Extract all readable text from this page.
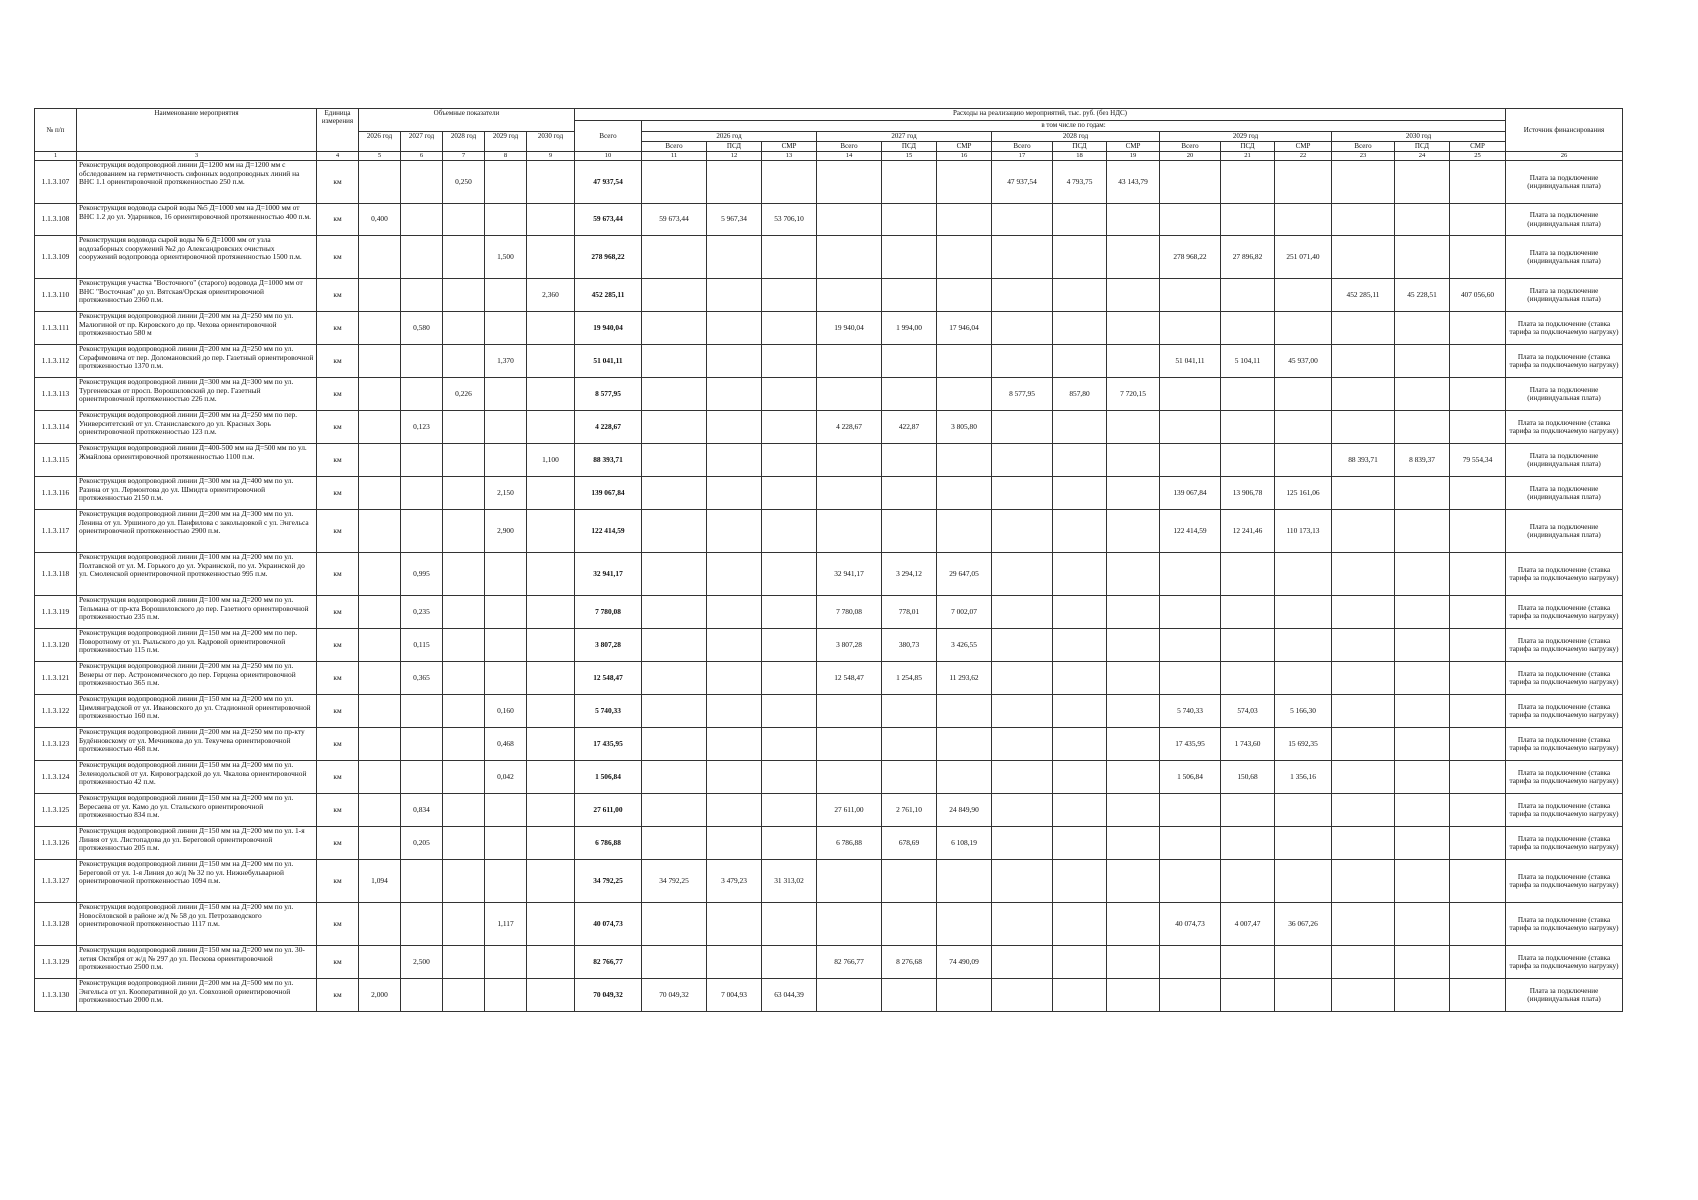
№ п/п	Наименование мероприятия	Единица измерения	Объемные показатели					Расходы на реализацию мероприятий, тыс. руб. (без НДС)																Источник финансирования
								Всего	в том числе по годам:															
			2026 год	2027 год	2028 год	2029 год	2030 год		2026 год			2027 год			2028 год			2029 год			2030 год			
									Всего	ПСД	СМР	Всего	ПСД	СМР	Всего	ПСД	СМР	Всего	ПСД	СМР	Всего	ПСД	СМР	
1	3	4	5	6	7	8	9	10	11	12	13	14	15	16	17	18	19	20	21	22	23	24	25	26
1.1.3.107	Реконструкция водопроводной линии Д=1200 мм на Д=1200 мм с обследованием на герметичность сифонных водопроводных линий на ВНС 1.1 ориентировочной протяженностью 250 п.м.	км			0,250			47 937,54							47 937,54	4 793,75	43 143,79							Плата за подключение (индивидуальная плата)
1.1.3.108	Реконструкция водовода сырой воды №5 Д=1000 мм на Д=1000 мм от ВНС 1.2 до ул. Ударников, 16 ориентировочной протяженностью 400 п.м.	км	0,400					59 673,44	59 673,44	5 967,34	53 706,10													Плата за подключение (индивидуальная плата)
1.1.3.109	Реконструкция водовода сырой воды № 6 Д=1000 мм от узла водозаборных сооружений №2 до Александровских очистных сооружений водопровода ориентировочной протяженностью 1500 п.м.	км				1,500		278 968,22										278 968,22	27 896,82	251 071,40				Плата за подключение (индивидуальная плата)
1.1.3.110	Реконструкция участка "Восточного" (старого) водовода Д=1000 мм от ВНС "Восточная" до ул. Вятская/Орская ориентировочной протяженностью 2360 п.м.	км					2,360	452 285,11													452 285,11	45 228,51	407 056,60	Плата за подключение (индивидуальная плата)
1.1.3.111	Реконструкция водопроводной линии Д=200 мм на Д=250 мм по ул. Малюгиной от пр. Кировского до пр. Чехова ориентировочной протяженностью 580 м	км		0,580				19 940,04				19 940,04	1 994,00	17 946,04										Плата за подключение (ставка тарифа за подключаемую нагрузку)
1.1.3.112	Реконструкция водопроводной линии Д=200 мм на Д=250 мм по ул. Серафимовича от пер. Доломановский до пер. Газетный ориентировочной протяженностью 1370 п.м.	км				1,370		51 041,11										51 041,11	5 104,11	45 937,00				Плата за подключение (ставка тарифа за подключаемую нагрузку)
1.1.3.113	Реконструкция водопроводной линии Д=300 мм на Д=300 мм по ул. Тургеневская от просп. Ворошиловский до пер. Газетный ориентировочной протяженностью 226 п.м.	км			0,226			8 577,95							8 577,95	857,80	7 720,15							Плата за подключение (индивидуальная плата)
1.1.3.114	Реконструкция водопроводной линии Д=200 мм на Д=250 мм по пер. Университетский от ул. Станиславского до ул. Красных Зорь ориентировочной протяженностью 123 п.м.	км		0,123				4 228,67				4 228,67	422,87	3 805,80										Плата за подключение (ставка тарифа за подключаемую нагрузку)
1.1.3.115	Реконструкция водопроводной линии Д=400-500 мм на Д=500 мм по ул. Жмайлова ориентировочной протяженностью 1100 п.м.	км					1,100	88 393,71													88 393,71	8 839,37	79 554,34	Плата за подключение (индивидуальная плата)
1.1.3.116	Реконструкция водопроводной линии Д=300 мм на Д=400 мм по ул. Разина от ул. Лермонтова до ул. Шмидта ориентировочной протяженностью 2150 п.м.	км				2,150		139 067,84										139 067,84	13 906,78	125 161,06				Плата за подключение (индивидуальная плата)
1.1.3.117	Реконструкция водопроводной линии Д=200 мм на Д=300 мм по ул. Ленина от ул. Уршиного до ул. Панфилова с закольцовкой с ул. Энгельса ориентировочной протяженностью 2900 п.м.	км				2,900		122 414,59										122 414,59	12 241,46	110 173,13				Плата за подключение (индивидуальная плата)
1.1.3.118	Реконструкция водопроводной линии Д=100 мм на Д=200 мм по ул. Полтавской от ул. М. Горького до ул. Украинской, по ул. Украинской до ул. Смоленской ориентировочной протяженностью 995 п.м.	км		0,995				32 941,17				32 941,17	3 294,12	29 647,05										Плата за подключение (ставка тарифа за подключаемую нагрузку)
1.1.3.119	Реконструкция водопроводной линии Д=100 мм на Д=200 мм по ул. Тельмана от пр-кта Ворошиловского до пер. Газетного ориентировочной протяженностью 235 п.м.	км		0,235				7 780,08				7 780,08	778,01	7 002,07										Плата за подключение (ставка тарифа за подключаемую нагрузку)
1.1.3.120	Реконструкция водопроводной линии Д=150 мм на Д=200 мм по пер. Поворотному от ул. Рыльского до ул. Кадровой ориентировочной протяженностью 115 п.м.	км		0,115				3 807,28				3 807,28	380,73	3 426,55										Плата за подключение (ставка тарифа за подключаемую нагрузку)
1.1.3.121	Реконструкция водопроводной линии Д=200 мм на Д=250 мм по ул. Венеры от пер. Астрономического до пер. Герцена ориентировочной протяженностью 365 п.м.	км		0,365				12 548,47				12 548,47	1 254,85	11 293,62										Плата за подключение (ставка тарифа за подключаемую нагрузку)
1.1.3.122	Реконструкция водопроводной линии Д=150 мм на Д=200 мм по ул. Цимлянградской от ул. Ивановского до ул. Стадионной ориентировочной протяженностью 160 п.м.	км				0,160		5 740,33										5 740,33	574,03	5 166,30				Плата за подключение (ставка тарифа за подключаемую нагрузку)
1.1.3.123	Реконструкция водопроводной линии Д=200 мм на Д=250 мм по пр-кту Будённовскому от ул. Мечникова до ул. Текучева ориентировочной протяженностью 468 п.м.	км				0,468		17 435,95										17 435,95	1 743,60	15 692,35				Плата за подключение (ставка тарифа за подключаемую нагрузку)
1.1.3.124	Реконструкция водопроводной линии Д=150 мм на Д=200 мм по ул. Зеленодольской от ул. Кировоградской до ул. Чкалова ориентировочной протяженностью 42 п.м.	км				0,042		1 506,84										1 506,84	150,68	1 356,16				Плата за подключение (ставка тарифа за подключаемую нагрузку)
1.1.3.125	Реконструкция водопроводной линии Д=150 мм на Д=200 мм по ул. Вересаева от ул. Камо до ул. Стальского ориентировочной протяженностью 834 п.м.	км		0,834				27 611,00				27 611,00	2 761,10	24 849,90										Плата за подключение (ставка тарифа за подключаемую нагрузку)
1.1.3.126	Реконструкция водопроводной линии Д=150 мм на Д=200 мм по ул. 1-я Линия от ул. Листопадова до ул. Береговой ориентировочной протяженностью 205 п.м.	км		0,205				6 786,88				6 786,88	678,69	6 108,19										Плата за подключение (ставка тарифа за подключаемую нагрузку)
1.1.3.127	Реконструкция водопроводной линии Д=150 мм на Д=200 мм по ул. Береговой от ул. 1-я Линия до ж/д № 32 по ул. Нижнебульварной ориентировочной протяженностью 1094 п.м.	км	1,094					34 792,25	34 792,25	3 479,23	31 313,02													Плата за подключение (ставка тарифа за подключаемую нагрузку)
1.1.3.128	Реконструкция водопроводной линии Д=150 мм на Д=200 мм по ул. Новосёловской в районе ж/д № 58 до ул. Петрозаводского ориентировочной протяженностью 1117 п.м.	км				1,117		40 074,73										40 074,73	4 007,47	36 067,26				Плата за подключение (ставка тарифа за подключаемую нагрузку)
1.1.3.129	Реконструкция водопроводной линии Д=150 мм на Д=200 мм по ул. 30-летия Октября от ж/д № 297 до ул. Пескова ориентировочной протяженностью 2500 п.м.	км		2,500				82 766,77				82 766,77	8 276,68	74 490,09										Плата за подключение (ставка тарифа за подключаемую нагрузку)
1.1.3.130	Реконструкция водопроводной линии Д=200 мм на Д=500 мм по ул. Энгельса от ул. Кооперативной до ул. Совхозной ориентировочной протяженностью 2000 п.м.	км	2,000					70 049,32	70 049,32	7 004,93	63 044,39													Плата за подключение (индивидуальная плата)
